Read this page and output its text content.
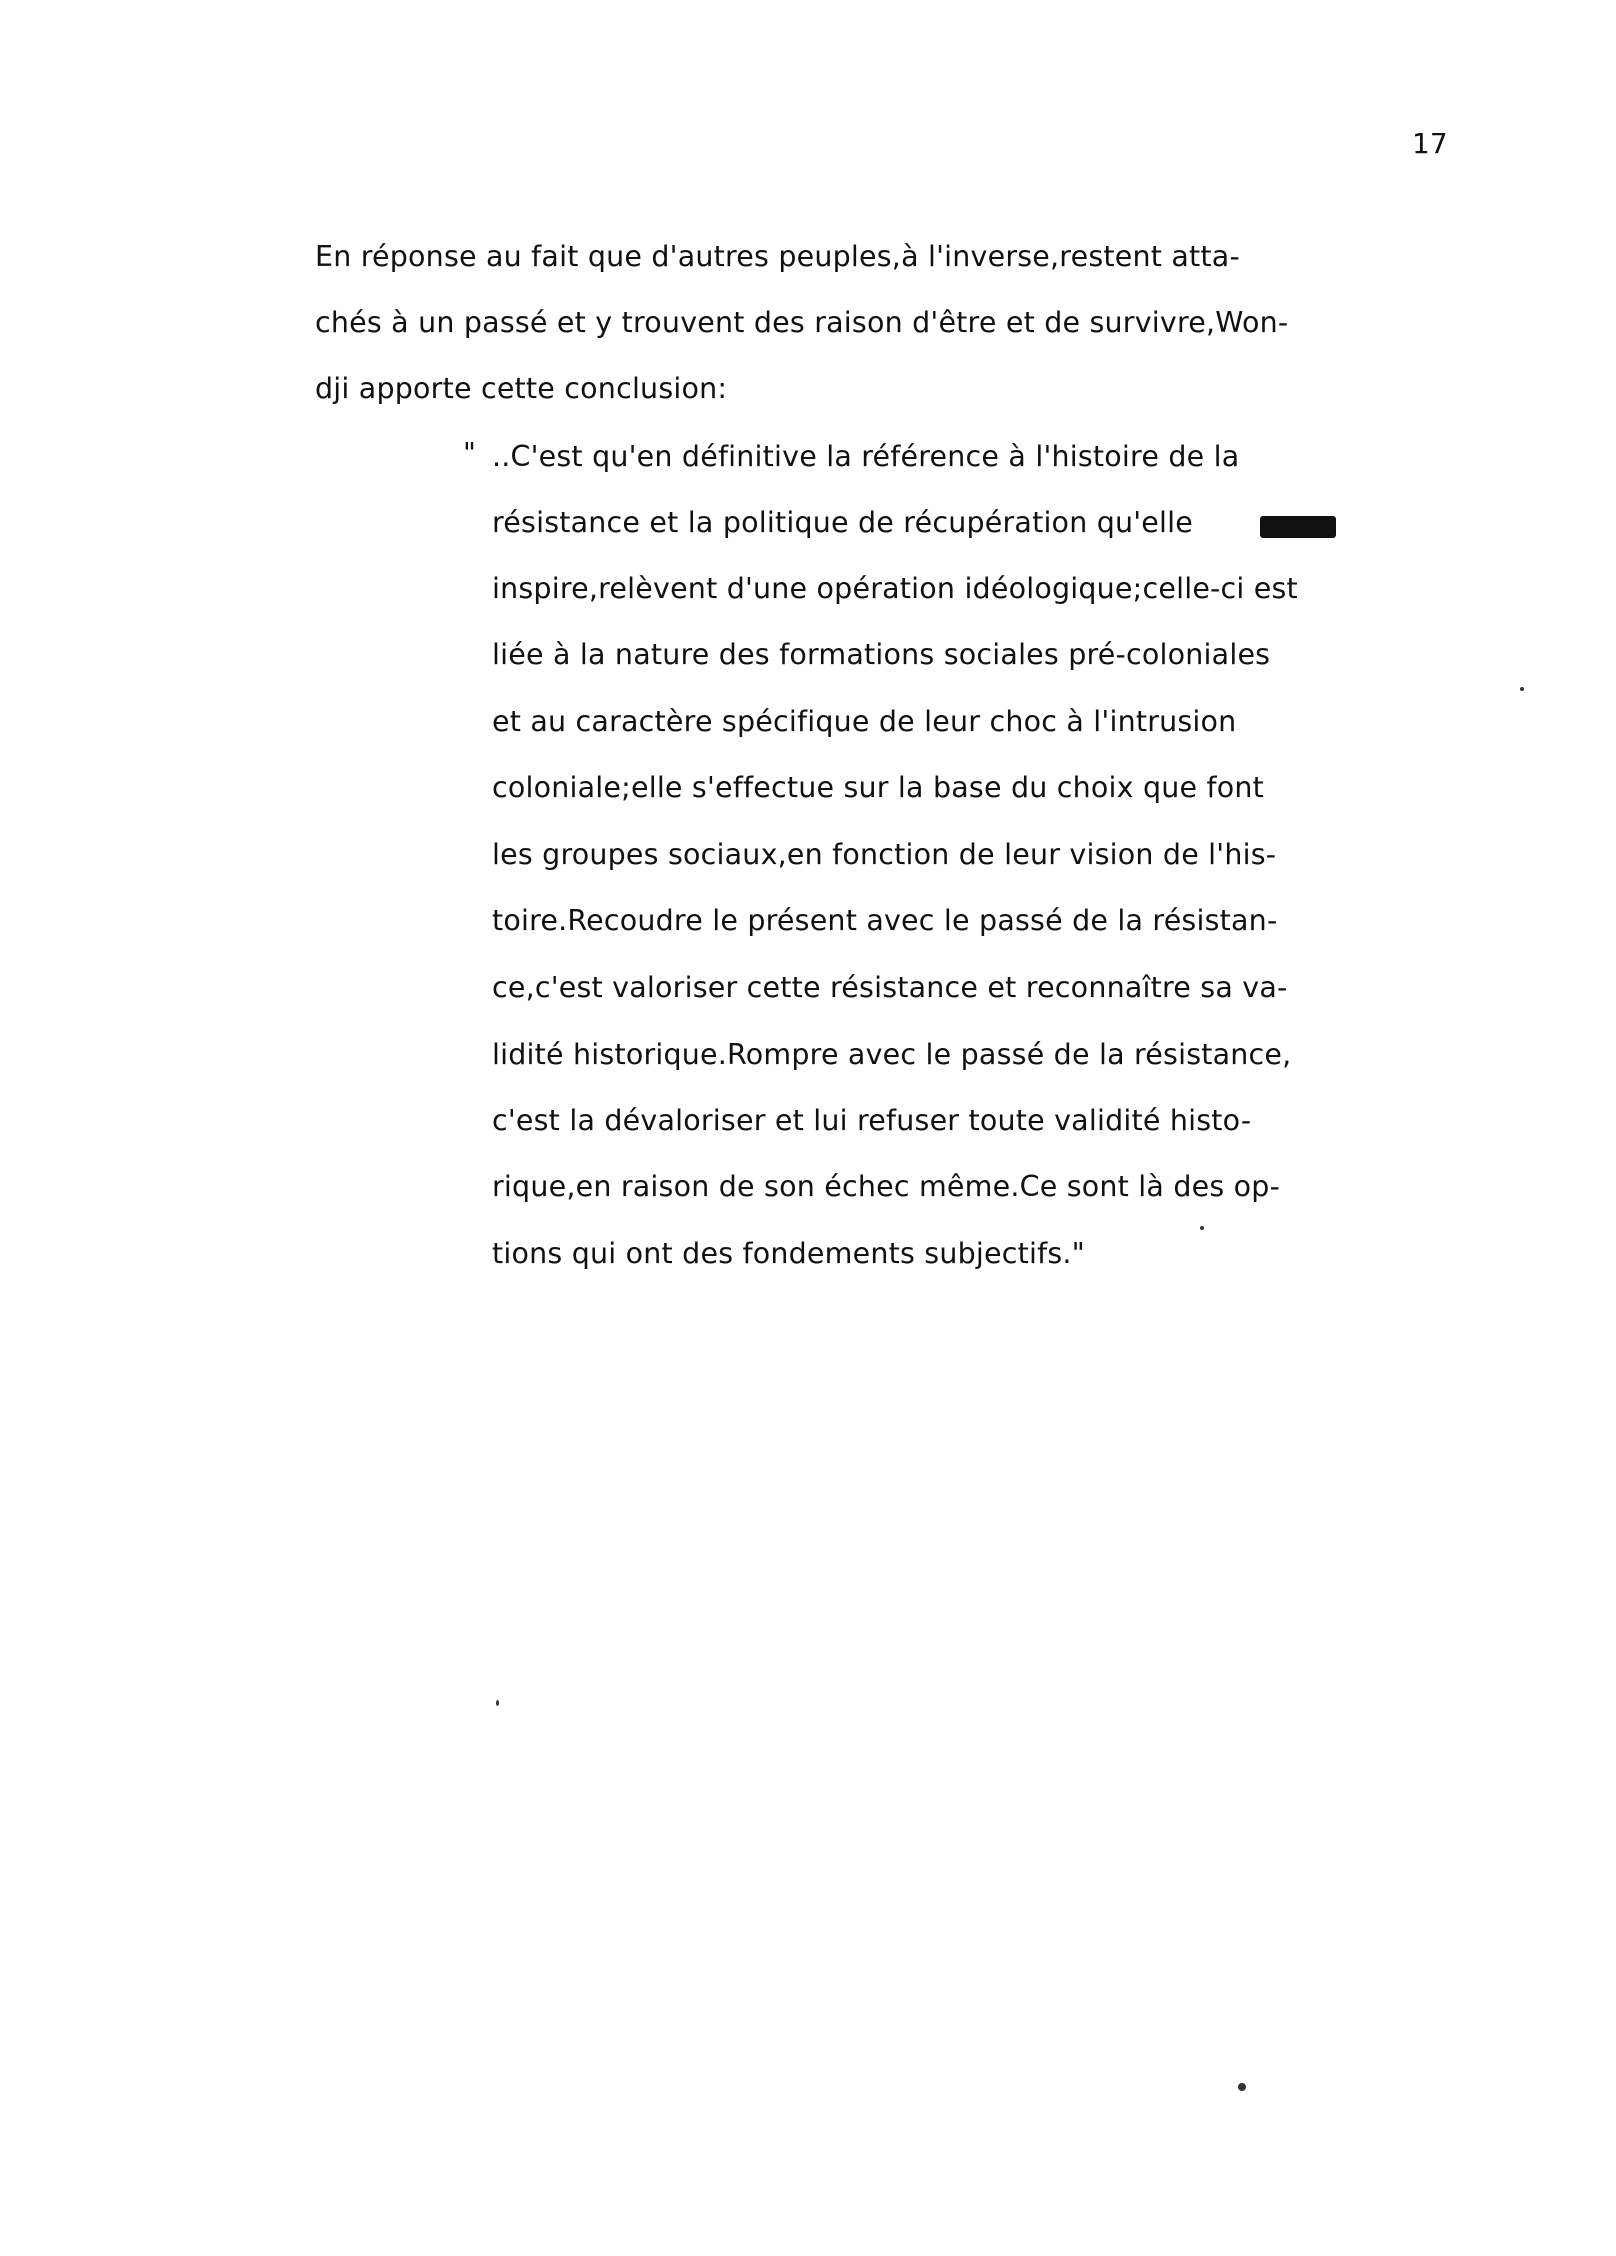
17
En réponse au fait que d'autres peuples,à l'inverse,restent atta-
chés à un passé et y trouvent des raison d'être et de survivre,Won-
dji apporte cette conclusion:
" ..C'est qu'en définitive la référence à l'histoire de la
résistance et la politique de récupération qu'elle
inspire,relèvent d'une opération idéologique;celle-ci est
liée à la nature des formations sociales pré-coloniales
et au caractère spécifique de leur choc à l'intrusion
coloniale;elle s'effectue sur la base du choix que font
les groupes sociaux,en fonction de leur vision de l'his-
toire.Recoudre le présent avec le passé de la résistan-
ce,c'est valoriser cette résistance et reconnaître sa va-
lidité historique.Rompre avec le passé de la résistance,
c'est la dévaloriser et lui refuser toute validité histo-
rique,en raison de son échec même.Ce sont là des op-
tions qui ont des fondements subjectifs."
